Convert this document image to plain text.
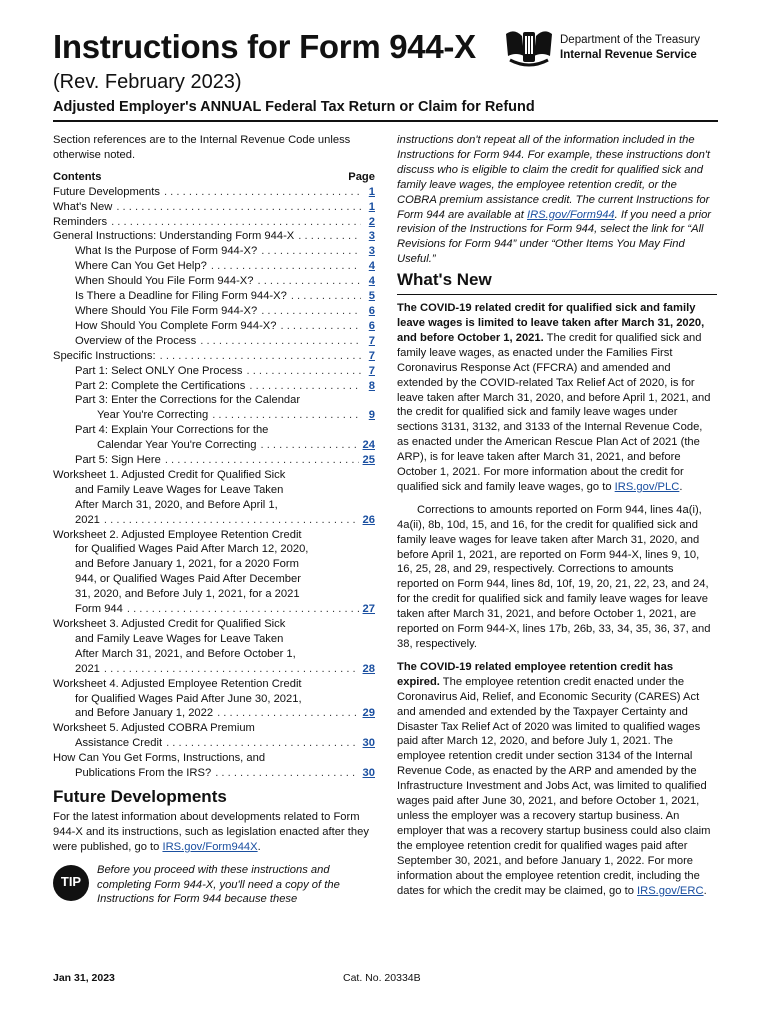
Instructions for Form 944-X
(Rev. February 2023)
Adjusted Employer's ANNUAL Federal Tax Return or Claim for Refund
Department of the Treasury
Internal Revenue Service

Section references are to the Internal Revenue Code unless otherwise noted.

Contents	Page
Future Developments . . .	1
What's New . . .	1
Reminders . . .	2
General Instructions: Understanding Form 944-X . . .	3
What Is the Purpose of Form 944-X? . . .	3
Where Can You Get Help? . . .	4
When Should You File Form 944-X? . . .	4
Is There a Deadline for Filing Form 944-X? . . .	5
Where Should You File Form 944-X? . . .	6
How Should You Complete Form 944-X? . . .	6
Overview of the Process . . .	7
Specific Instructions: . . .	7
Part 1: Select ONLY One Process . . .	7
Part 2: Complete the Certifications . . .	8
Part 3: Enter the Corrections for the Calendar
Year You're Correcting . . .	9
Part 4: Explain Your Corrections for the
Calendar Year You're Correcting . . .	24
Part 5: Sign Here . . .	25
Worksheet 1. Adjusted Credit for Qualified Sick
and Family Leave Wages for Leave Taken
After March 31, 2020, and Before April 1,
2021 . . .	26
Worksheet 2. Adjusted Employee Retention Credit
for Qualified Wages Paid After March 12, 2020,
and Before January 1, 2021, for a 2020 Form
944, or Qualified Wages Paid After December
31, 2020, and Before July 1, 2021, for a 2021
Form 944 . . .	27
Worksheet 3. Adjusted Credit for Qualified Sick
and Family Leave Wages for Leave Taken
After March 31, 2021, and Before October 1,
2021 . . .	28
Worksheet 4. Adjusted Employee Retention Credit
for Qualified Wages Paid After June 30, 2021,
and Before January 1, 2022 . . .	29
Worksheet 5. Adjusted COBRA Premium
Assistance Credit . . .	30
How Can You Get Forms, Instructions, and
Publications From the IRS? . . .	30
Future Developments

For the latest information about developments related to Form 944-X and its instructions, such as legislation enacted after they were published, go to IRS.gov/Form944X.

TIP
Before you proceed with these instructions and completing Form 944-X, you'll need a copy of the Instructions for Form 944 because these

instructions don't repeat all of the information included in the Instructions for Form 944. For example, these instructions don't discuss who is eligible to claim the credit for qualified sick and family leave wages, the employee retention credit, or the COBRA premium assistance credit. The current Instructions for Form 944 are available at IRS.gov/Form944. If you need a prior revision of the Instructions for Form 944, select the link for “All Revisions for Form 944” under “Other Items You May Find Useful.”

What's New

The COVID-19 related credit for qualified sick and family leave wages is limited to leave taken after March 31, 2020, and before October 1, 2021. The credit for qualified sick and family leave wages, as enacted under the Families First Coronavirus Response Act (FFCRA) and amended and extended by the COVID-related Tax Relief Act of 2020, is for leave taken after March 31, 2020, and before April 1, 2021, and the credit for qualified sick and family leave wages under sections 3131, 3132, and 3133 of the Internal Revenue Code, as enacted under the American Rescue Plan Act of 2021 (the ARP), is for leave taken after March 31, 2021, and before October 1, 2021. For more information about the credit for qualified sick and family leave wages, go to IRS.gov/PLC.

Corrections to amounts reported on Form 944, lines 4a(i), 4a(ii), 8b, 10d, 15, and 16, for the credit for qualified sick and family leave wages for leave taken after March 31, 2020, and before April 1, 2021, are reported on Form 944-X, lines 9, 10, 16, 25, 28, and 29, respectively. Corrections to amounts reported on Form 944, lines 8d, 10f, 19, 20, 21, 22, 23, and 24, for the credit for qualified sick and family leave wages for leave taken after March 31, 2021, and before October 1, 2021, are reported on Form 944-X, lines 17b, 26b, 33, 34, 35, 36, 37, and 38, respectively.

The COVID-19 related employee retention credit has expired. The employee retention credit enacted under the Coronavirus Aid, Relief, and Economic Security (CARES) Act and amended and extended by the Taxpayer Certainty and Disaster Tax Relief Act of 2020 was limited to qualified wages paid after March 12, 2020, and before July 1, 2021. The employee retention credit under section 3134 of the Internal Revenue Code, as enacted by the ARP and amended by the Infrastructure Investment and Jobs Act, was limited to qualified wages paid after June 30, 2021, and before October 1, 2021, unless the employer was a recovery startup business. An employer that was a recovery startup business could also claim the employee retention credit for qualified wages paid after September 30, 2021, and before January 1, 2022. For more information about the employee retention credit, including the dates for which the credit may be claimed, go to IRS.gov/ERC.

Jan 31, 2023	Cat. No. 20334B
